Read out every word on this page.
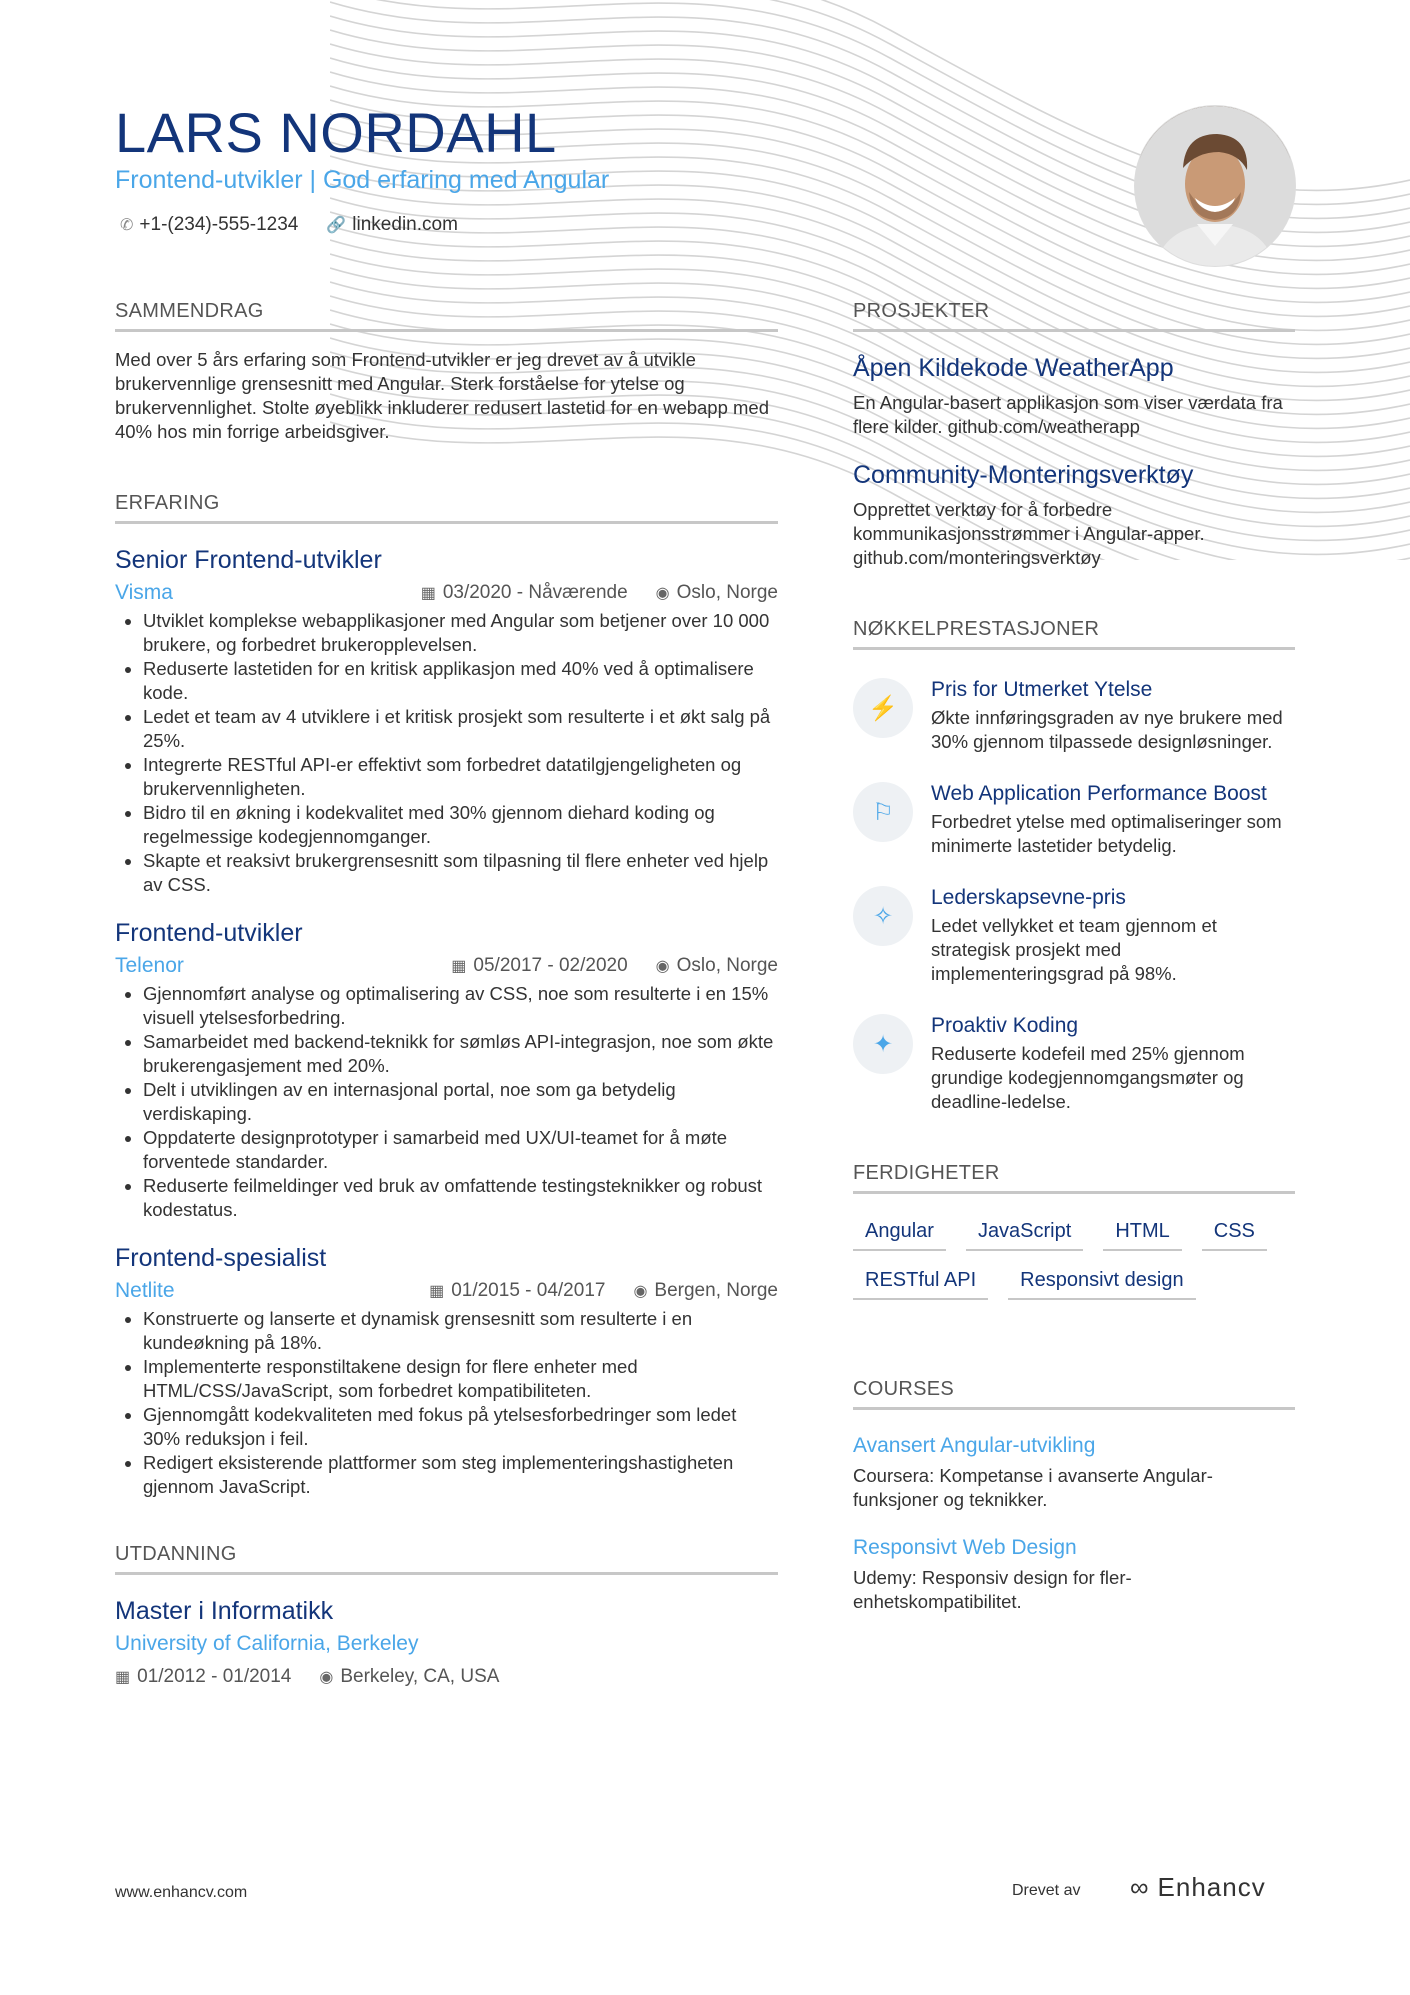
LARS NORDAHL
Frontend-utvikler | God erfaring med Angular
✆ +1-(234)-555-1234 🔗 linkedin.com
SAMMENDRAG
Med over 5 års erfaring som Frontend-utvikler er jeg drevet av å utvikle brukervennlige grensesnitt med Angular. Sterk forståelse for ytelse og brukervennlighet. Stolte øyeblikk inkluderer redusert lastetid for en webapp med 40% hos min forrige arbeidsgiver.
ERFARING
Senior Frontend-utvikler
Visma	▦ 03/2020 - Nåværende ◉ Oslo, Norge
• Utviklet komplekse webapplikasjoner med Angular som betjener over 10 000 brukere, og forbedret brukeropplevelsen.
• Reduserte lastetiden for en kritisk applikasjon med 40% ved å optimalisere kode.
• Ledet et team av 4 utviklere i et kritisk prosjekt som resulterte i et økt salg på 25%.
• Integrerte RESTful API-er effektivt som forbedret datatilgjengeligheten og brukervennligheten.
• Bidro til en økning i kodekvalitet med 30% gjennom diehard koding og regelmessige kodegjennomganger.
• Skapte et reaksivt brukergrensesnitt som tilpasning til flere enheter ved hjelp av CSS.
Frontend-utvikler
Telenor	▦ 05/2017 - 02/2020 ◉ Oslo, Norge
• Gjennomført analyse og optimalisering av CSS, noe som resulterte i en 15% visuell ytelsesforbedring.
• Samarbeidet med backend-teknikk for sømløs API-integrasjon, noe som økte brukerengasjement med 20%.
• Delt i utviklingen av en internasjonal portal, noe som ga betydelig verdiskaping.
• Oppdaterte designprototyper i samarbeid med UX/UI-teamet for å møte forventede standarder.
• Reduserte feilmeldinger ved bruk av omfattende testingsteknikker og robust kodestatus.
Frontend-spesialist
Netlite	▦ 01/2015 - 04/2017 ◉ Bergen, Norge
• Konstruerte og lanserte et dynamisk grensesnitt som resulterte i en kundeøkning på 18%.
• Implementerte responstiltakene design for flere enheter med HTML/CSS/JavaScript, som forbedret kompatibiliteten.
• Gjennomgått kodekvaliteten med fokus på ytelsesforbedringer som ledet 30% reduksjon i feil.
• Redigert eksisterende plattformer som steg implementeringshastigheten gjennom JavaScript.
UTDANNING
Master i Informatikk
University of California, Berkeley
▦ 01/2012 - 01/2014 ◉ Berkeley, CA, USA
PROSJEKTER
Åpen Kildekode WeatherApp
En Angular-basert applikasjon som viser værdata fra flere kilder. github.com/weatherapp
Community-Monteringsverktøy
Opprettet verktøy for å forbedre kommunikasjonsstrømmer i Angular-apper. github.com/monteringsverktøy
NØKKELPRESTASJONER
⚡
Pris for Utmerket Ytelse
Økte innføringsgraden av nye brukere med 30% gjennom tilpassede designløsninger.
⚐
Web Application Performance Boost
Forbedret ytelse med optimaliseringer som minimerte lastetider betydelig.
✧
Lederskapsevne-pris
Ledet vellykket et team gjennom et strategisk prosjekt med implementeringsgrad på 98%.
✦
Proaktiv Koding
Reduserte kodefeil med 25% gjennom grundige kodegjennomgangsmøter og deadline-ledelse.
FERDIGHETER
Angular	JavaScript	HTML	CSS
RESTful API	Responsivt design
COURSES
Avansert Angular-utvikling
Coursera: Kompetanse i avanserte Angular-funksjoner og teknikker.
Responsivt Web Design
Udemy: Responsiv design for fler-enhetskompatibilitet.
www.enhancv.com	Drevet av ∞ Enhancv
